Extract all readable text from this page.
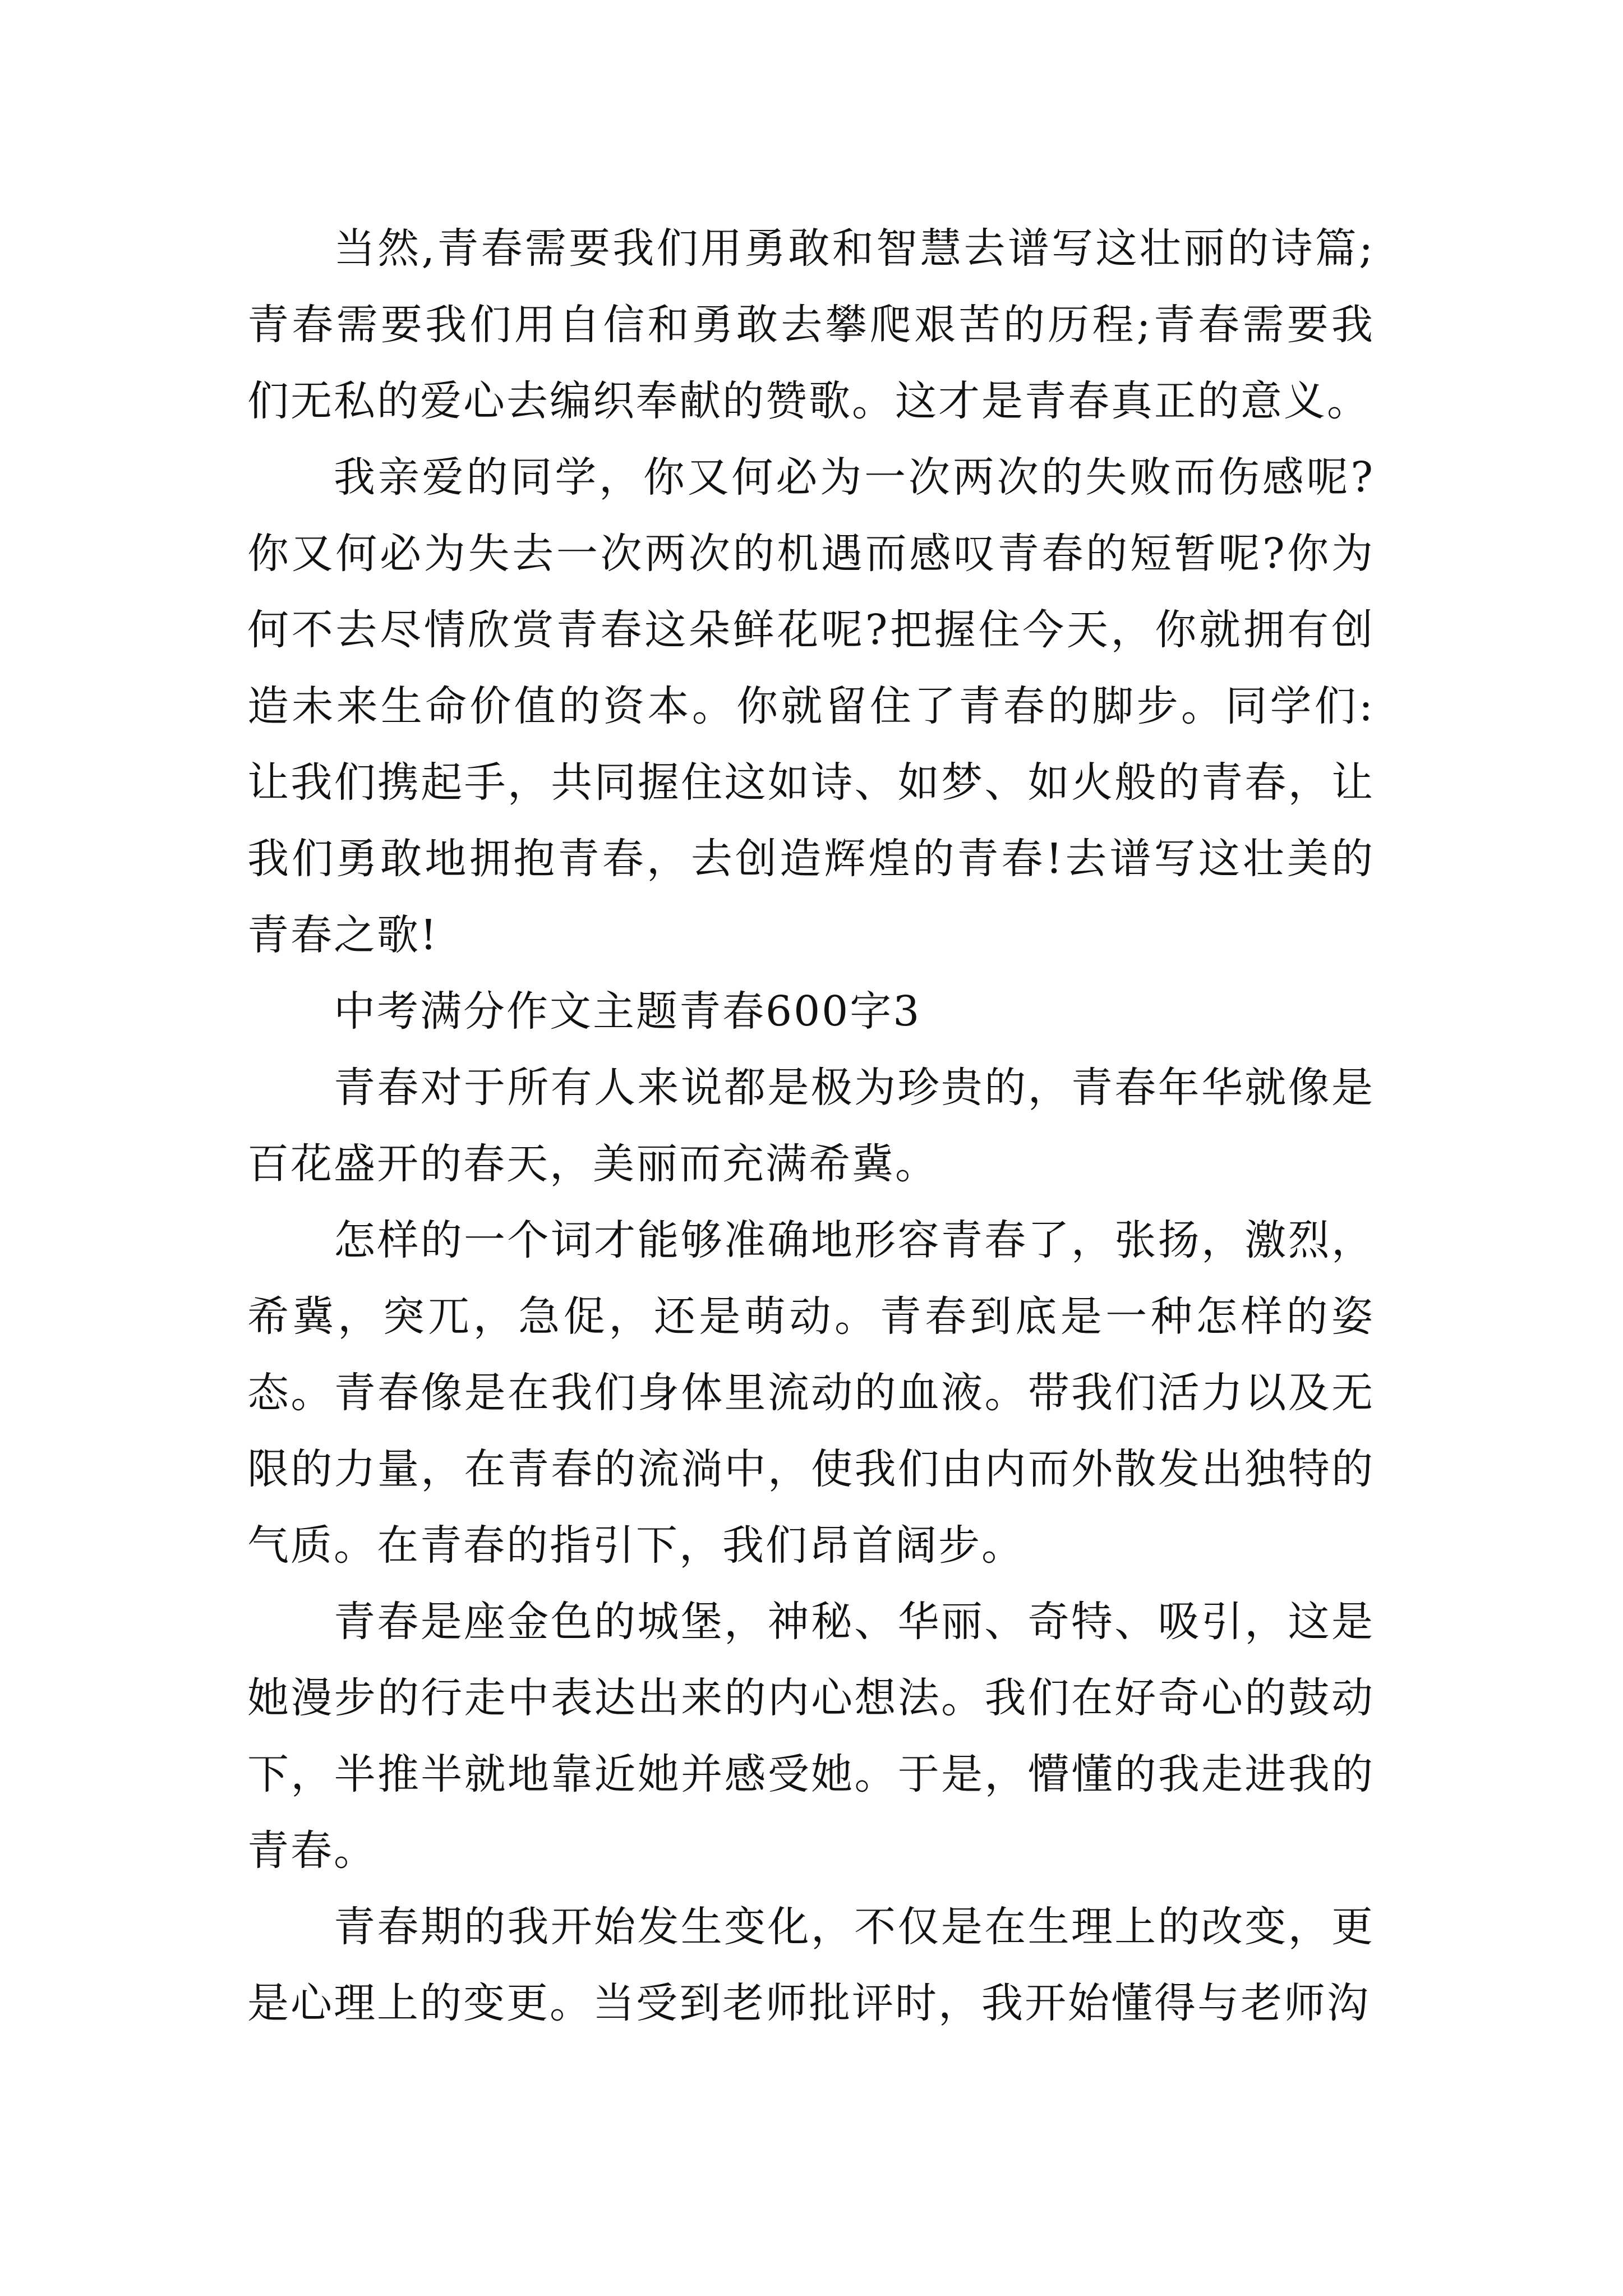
当然,青春需要我们用勇敢和智慧去谱写这壮丽的诗篇;青春需要我们用自信和勇敢去攀爬艰苦的历程;青春需要我们无私的爱心去编织奉献的赞歌。这才是青春真正的意义。

我亲爱的同学，你又何必为一次两次的失败而伤感呢?你又何必为失去一次两次的机遇而感叹青春的短暂呢?你为何不去尽情欣赏青春这朵鲜花呢?把握住今天，你就拥有创造未来生命价值的资本。你就留住了青春的脚步。同学们:让我们携起手，共同握住这如诗、如梦、如火般的青春，让我们勇敢地拥抱青春，去创造辉煌的青春!去谱写这壮美的青春之歌!

中考满分作文主题青春600字3

青春对于所有人来说都是极为珍贵的，青春年华就像是百花盛开的春天，美丽而充满希冀。

怎样的一个词才能够准确地形容青春了，张扬，激烈，希冀，突兀，急促，还是萌动。青春到底是一种怎样的姿态。青春像是在我们身体里流动的血液。带我们活力以及无限的力量，在青春的流淌中，使我们由内而外散发出独特的气质。在青春的指引下，我们昂首阔步。

青春是座金色的城堡，神秘、华丽、奇特、吸引，这是她漫步的行走中表达出来的内心想法。我们在好奇心的鼓动下，半推半就地靠近她并感受她。于是，懵懂的我走进我的青春。

青春期的我开始发生变化，不仅是在生理上的改变，更是心理上的变更。当受到老师批评时，我开始懂得与老师沟
